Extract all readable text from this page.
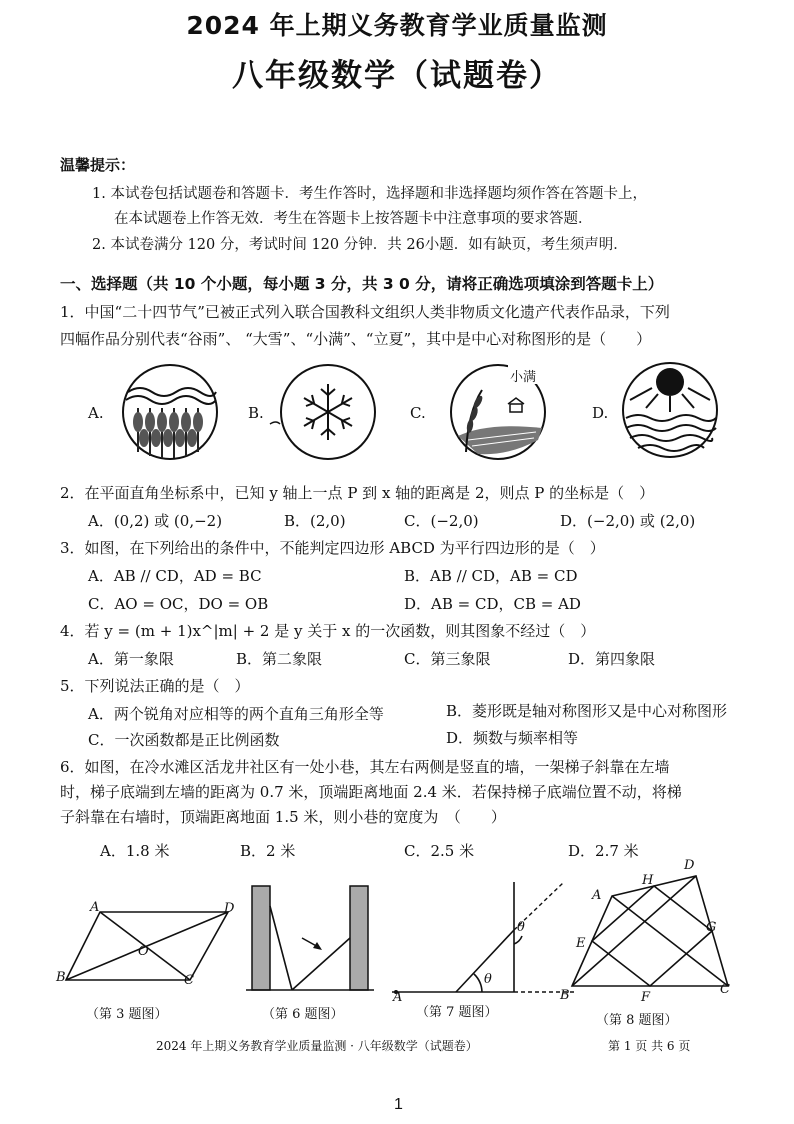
2024 年上期义务教育学业质量监测
八年级数学（试题卷）
温馨提示：
1. 本试卷包括试题卷和答题卡．考生作答时，选择题和非选择题均须作答在答题卡上，
在本试题卷上作答无效．考生在答题卡上按答题卡中注意事项的要求答题．
2. 本试卷满分 120 分，考试时间 120 分钟．共 26小题．如有缺页，考生须声明．
一、选择题（共 10 个小题，每小题 3 分，共 3 0 分，请将正确选项填涂到答题卡上）
1．中国“二十四节气”已被正式列入联合国教科文组织人类非物质文化遗产代表作品录，下列
四幅作品分别代表“谷雨”、 “大雪”、“小满”、“立夏”，其中是中心对称图形的是（　　）
A.	B.	C.	D.
小满
2．在平面直角坐标系中，已知 y 轴上一点 P 到 x 轴的距离是 2，则点 P 的坐标是（　）
A．(0,2) 或 (0,−2)	B．(2,0)	C．(−2,0)	D．(−2,0) 或 (2,0)
3．如图，在下列给出的条件中，不能判定四边形 ABCD 为平行四边形的是（　）
A．AB // CD，AD = BC	B．AB // CD，AB = CD
C．AO = OC，DO = OB	D．AB = CD，CB = AD
4．若 y = (m + 1)x^|m| + 2 是 y 关于 x 的一次函数，则其图象不经过（　）
A．第一象限	B．第二象限	C．第三象限	D．第四象限
5．下列说法正确的是（　）
A．两个锐角对应相等的两个直角三角形全等	B．菱形既是轴对称图形又是中心对称图形
C．一次函数都是正比例函数	D．频数与频率相等
6．如图，在冷水滩区活龙井社区有一处小巷，其左右两侧是竖直的墙，一架梯子斜靠在左墙
时，梯子底端到左墙的距离为 0.7 米，顶端距离地面 2.4 米．若保持梯子底端位置不动，将梯
子斜靠在右墙时，顶端距离地面 1.5 米，则小巷的宽度为　（　　）
A．1.8 米	B．2 米	C．2.5 米	D．2.7 米
A	D
B	C
O
（第 3 题图）	（第 6 题图）
A
θ
θ
（第 7 题图）
A
D
H
E
G
B	F
C
（第 8 题图）
2024 年上期义务教育学业质量监测 · 八年级数学（试题卷）	第 1 页 共 6 页
1
